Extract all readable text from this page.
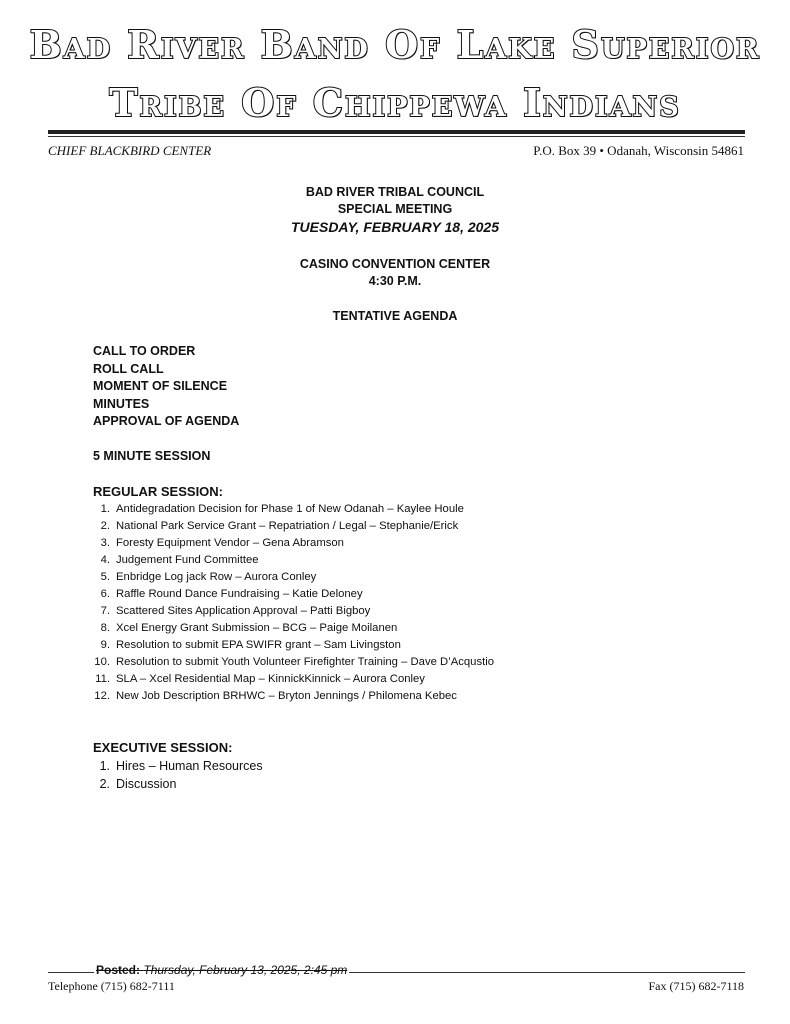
Bad River Band Of Lake Superior
Tribe Of Chippewa Indians
CHIEF BLACKBIRD CENTER	P.O. Box 39 • Odanah, Wisconsin 54861
BAD RIVER TRIBAL COUNCIL
SPECIAL MEETING
TUESDAY, FEBRUARY 18, 2025
CASINO CONVENTION CENTER
4:30 P.M.
TENTATIVE AGENDA
CALL TO ORDER
ROLL CALL
MOMENT OF SILENCE
MINUTES
APPROVAL OF AGENDA
5 MINUTE SESSION
REGULAR SESSION:
1. Antidegradation Decision for Phase 1 of New Odanah – Kaylee Houle
2. National Park Service Grant – Repatriation / Legal – Stephanie/Erick
3. Foresty Equipment Vendor – Gena Abramson
4. Judgement Fund Committee
5. Enbridge Log jack Row – Aurora Conley
6. Raffle Round Dance Fundraising – Katie Deloney
7. Scattered Sites Application Approval – Patti Bigboy
8. Xcel Energy Grant Submission – BCG – Paige Moilanen
9. Resolution to submit EPA SWIFR grant – Sam Livingston
10. Resolution to submit Youth Volunteer Firefighter Training – Dave D’Acqustio
11. SLA – Xcel Residential Map – KinnickKinnick – Aurora Conley
12. New Job Description BRHWC – Bryton Jennings / Philomena Kebec
EXECUTIVE SESSION:
1. Hires – Human Resources
2. Discussion
Posted: Thursday, February 13, 2025, 2:45 pm
Telephone (715) 682-7111	Fax (715) 682-7118
